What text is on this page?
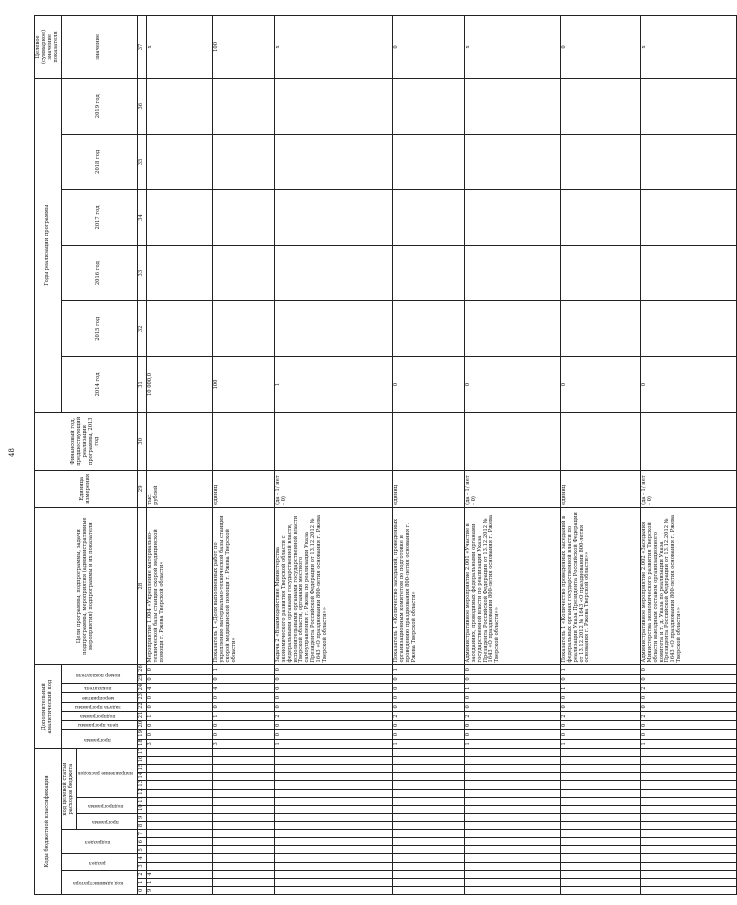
48
Коды бюджетной классификации																		Дополнительный аналитический код									Цели программы, подпрограммы, задачи подпрограммы, мероприятия (административные мероприятия) подпрограммы и их показатели	Единица измерения	Финансовый год, предшествующий реализации программы, 2013 год	Годы реализации программы						Целевое (суммарное) значение показателя
код администратора			раздел		подраздел			код целевой статьи расходов бюджета										программа		цель программы	подпрограмма	задача программы	мероприятие	показатель	номер показателя					2014 год	2015 год	2016 год	2017 год	2018 год	2019 год	значение
								программа		подпрограмма		направление расходов																								
0	1	2	3	4	5	6	7	8	9	10	11	12	13	14	15	16	17	18	19	20	21	22	23	24	25	26	28	29	30	31	32	33	34	35	36	37
9	1	4																3	0	0	1	0	0	4	0	0	Мероприятие 1.004 «Укрепление материально-технической базы станции скорой медицинской помощи г. Ржева Тверской области»	тыс. рублей		10 000,0						x
																		3	0	0	1	0	0	4	0	1	Показатель 1 «Доля выполненных работ по укреплению материально-технической базы станции скорой медицинской помощи г. Ржева Тверской области»	единиц		100						100
																		1	0	0	2	0	0	0	0	0	Задача 2 «Взаимодействие Министерства экономического развития Тверской области с федеральными органами государственной власти, исполнительными органами государственной власти Тверской области, органами местного самоуправления г. Ржева по реализации Указа Президента Российской Федерации от 13.12.2012 № 1643 «О праздновании 800-летия основания г. Ржева Тверской области»»	(да - 1/ нет - 0)		1						x
																		1	0	0	2	0	0	0	0	1	Показатель 1 «Количество заседаний, проведенных организационным комитетом по подготовке и проведению празднования 800-летия основания г. Ржева Тверской области»	единиц		0						0
																		1	0	0	2	0	0	1	0	0	Административное мероприятие 2.001 «Участие в заседаниях, проводимых федеральными органами государственной власти по реализации Указа Президента Российской Федерации от 13.12.2012 № 1643 «О праздновании 800-летия основания г. Ржева Тверской области»»	(да - 1/ нет - 0)		0						x
																		1	0	0	2	0	0	1	0	1	Показатель 1 «Количество проведенных заседаний в федеральных органах государственной власти по реализации Указа Президента Российской Федерации от 13.12.2012 № 1643 «О праздновании 800-летия основания г. Ржева Тверской области»»	единиц		0						0
																		1	0	0	2	0	0	2	0	0	Административное мероприятие 2.002 «Заседания Министерства экономического развития Тверской области выездным составом организационного комитета и т. д. Указа по реализации Указа Президента Российской Федерации от 13.12.2012 № 1643 «О праздновании 800-летия основания г. Ржева Тверской области»»	(да - 1/ нет - 0)		0						x
